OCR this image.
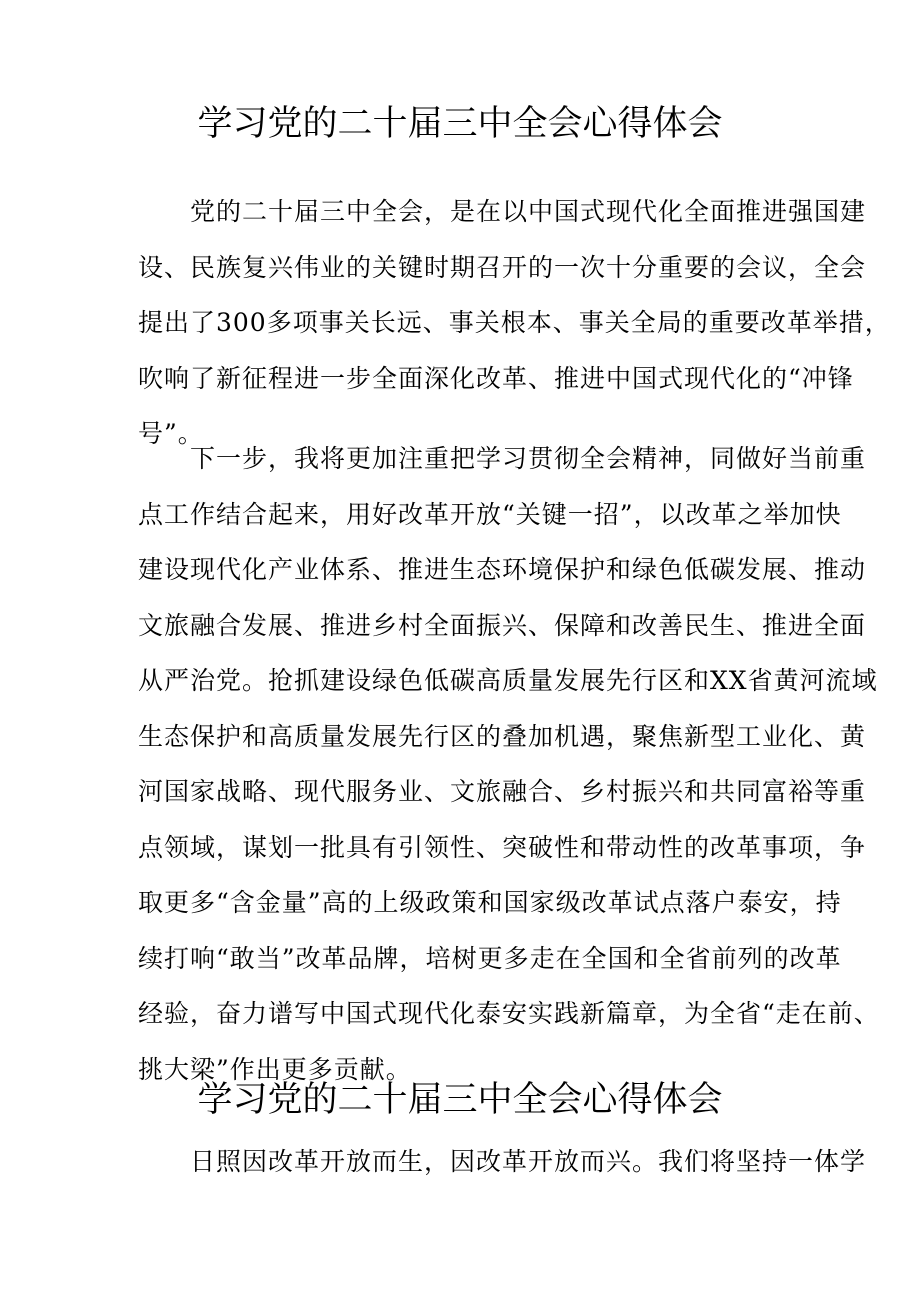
学习党的二十届三中全会心得体会
党的二十届三中全会，是在以中国式现代化全面推进强国建
设、民族复兴伟业的关键时期召开的一次十分重要的会议，全会
提出了300多项事关长远、事关根本、事关全局的重要改革举措，
吹响了新征程进一步全面深化改革、推进中国式现代化的“冲锋
号”。
下一步，我将更加注重把学习贯彻全会精神，同做好当前重
点工作结合起来，用好改革开放“关键一招”，以改革之举加快
建设现代化产业体系、推进生态环境保护和绿色低碳发展、推动
文旅融合发展、推进乡村全面振兴、保障和改善民生、推进全面
从严治党。抢抓建设绿色低碳高质量发展先行区和XX省黄河流域
生态保护和高质量发展先行区的叠加机遇，聚焦新型工业化、黄
河国家战略、现代服务业、文旅融合、乡村振兴和共同富裕等重
点领域，谋划一批具有引领性、突破性和带动性的改革事项，争
取更多“含金量”高的上级政策和国家级改革试点落户泰安，持
续打响“敢当”改革品牌，培树更多走在全国和全省前列的改革
经验，奋力谱写中国式现代化泰安实践新篇章，为全省“走在前、
挑大梁”作出更多贡献。
学习党的二十届三中全会心得体会
日照因改革开放而生，因改革开放而兴。我们将坚持一体学
